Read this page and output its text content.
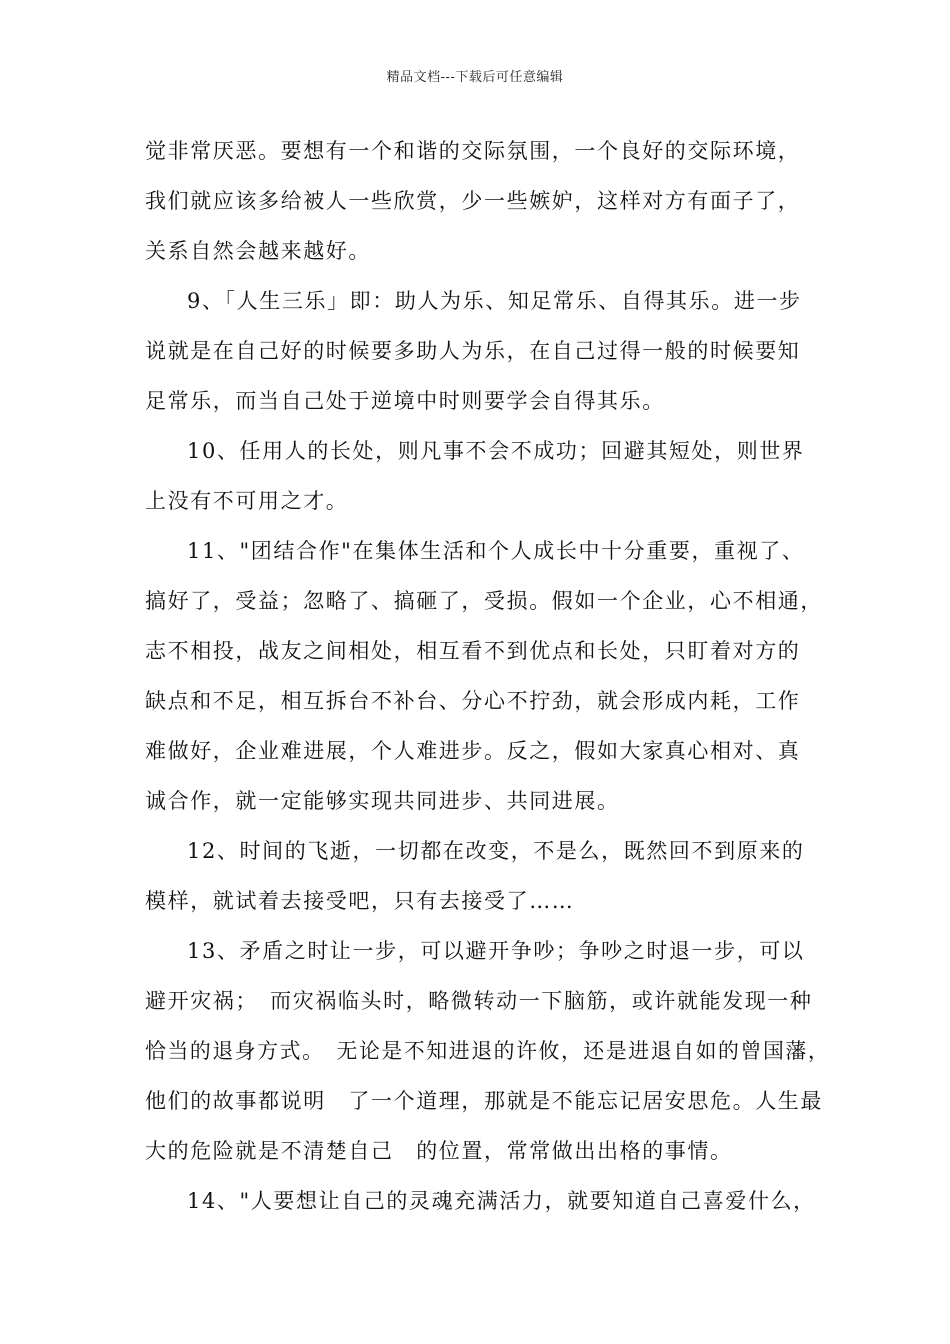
精品文档---下载后可任意编辑
觉非常厌恶。要想有一个和谐的交际氛围，一个良好的交际环境，
我们就应该多给被人一些欣赏，少一些嫉妒，这样对方有面子了，
关系自然会越来越好。
9、「人生三乐」即：助人为乐、知足常乐、自得其乐。进一步
说就是在自己好的时候要多助人为乐，在自己过得一般的时候要知
足常乐，而当自己处于逆境中时则要学会自得其乐。
10、任用人的长处，则凡事不会不成功；回避其短处，则世界
上没有不可用之才。
11、"团结合作"在集体生活和个人成长中十分重要，重视了、
搞好了，受益；忽略了、搞砸了，受损。假如一个企业，心不相通，
志不相投，战友之间相处，相互看不到优点和长处，只盯着对方的
缺点和不足，相互拆台不补台、分心不拧劲，就会形成内耗，工作
难做好，企业难进展，个人难进步。反之，假如大家真心相对、真
诚合作，就一定能够实现共同进步、共同进展。
12、时间的飞逝，一切都在改变，不是么，既然回不到原来的
模样，就试着去接受吧，只有去接受了……
13、矛盾之时让一步，可以避开争吵；争吵之时退一步，可以
避开灾祸；　而灾祸临头时，略微转动一下脑筋，或许就能发现一种
恰当的退身方式。　无论是不知进退的许攸，还是进退自如的曾国藩，
他们的故事都说明　了一个道理，那就是不能忘记居安思危。人生最
大的危险就是不清楚自己　的位置，常常做出出格的事情。
14、"人要想让自己的灵魂充满活力，就要知道自己喜爱什么，
